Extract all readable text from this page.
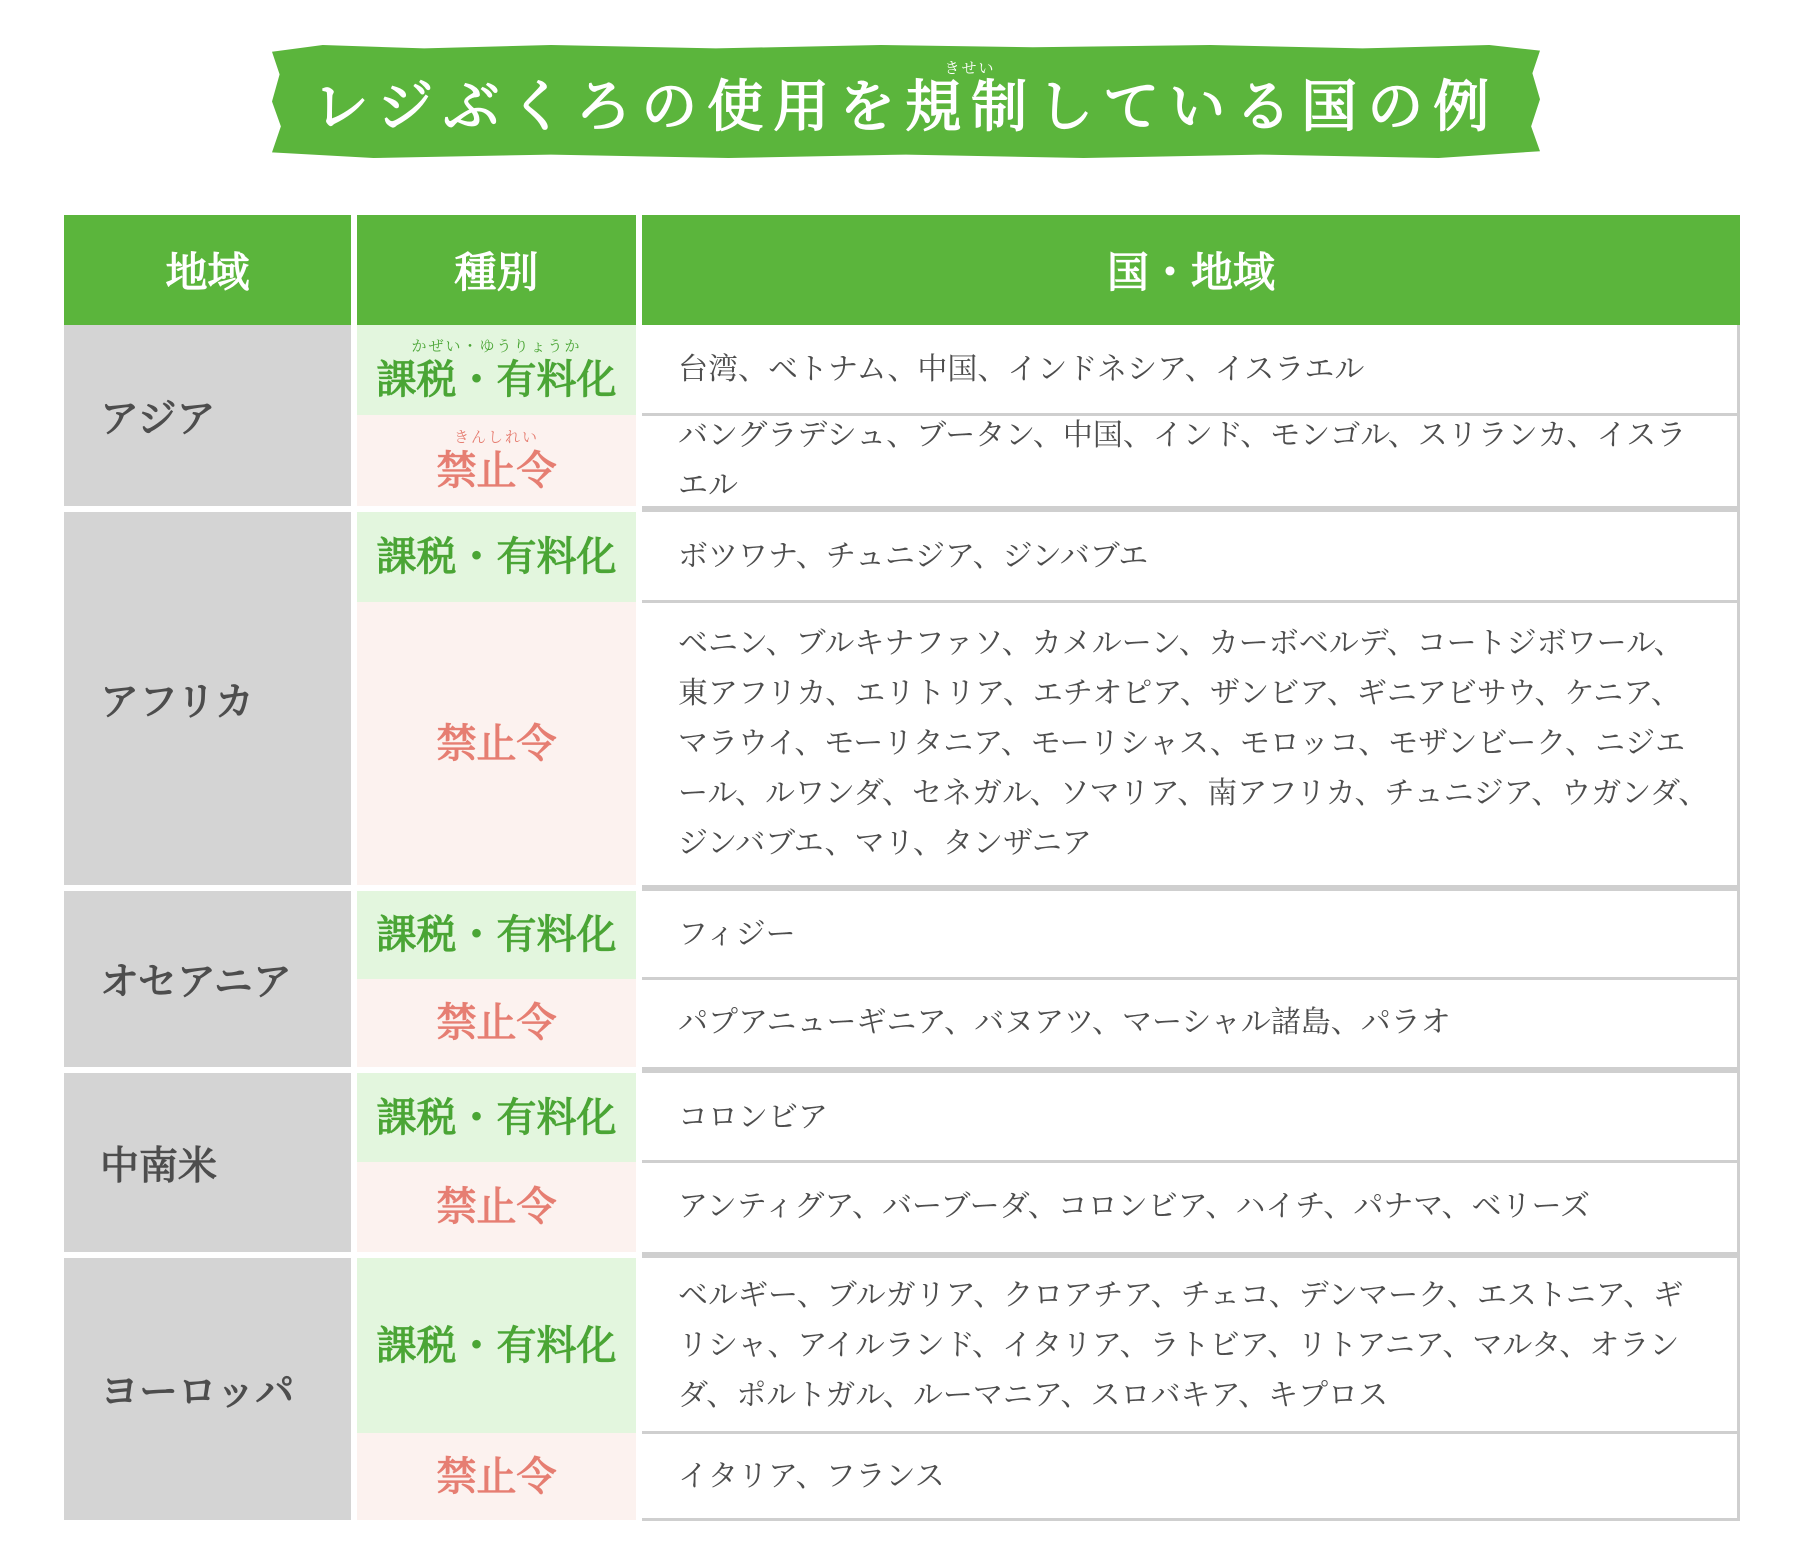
きせい
レジぶくろの使用を規制している国の例
地域	種別	国・地域
アジア
かぜい・ゆうりょうか
課税・有料化
きんしれい
禁止令
台湾、ベトナム、中国、インドネシア、イスラエル
バングラデシュ、ブータン、中国、インド、モンゴル、スリランカ、イスラエル
アフリカ
課税・有料化
禁止令
ボツワナ、チュニジア、ジンバブエ
ベニン、ブルキナファソ、カメルーン、カーボベルデ、コートジボワール、東アフリカ、エリトリア、エチオピア、ザンビア、ギニアビサウ、ケニア、マラウイ、モーリタニア、モーリシャス、モロッコ、モザンビーク、ニジエール、ルワンダ、セネガル、ソマリア、南アフリカ、チュニジア、ウガンダ、ジンバブエ、マリ、タンザニア
オセアニア
課税・有料化
禁止令
フィジー
パプアニューギニア、バヌアツ、マーシャル諸島、パラオ
中南米
課税・有料化
禁止令
コロンビア
アンティグア、バーブーダ、コロンビア、ハイチ、パナマ、ベリーズ
ヨーロッパ
課税・有料化
禁止令
ベルギー、ブルガリア、クロアチア、チェコ、デンマーク、エストニア、ギリシャ、アイルランド、イタリア、ラトビア、リトアニア、マルタ、オランダ、ポルトガル、ルーマニア、スロバキア、キプロス
イタリア、フランス
